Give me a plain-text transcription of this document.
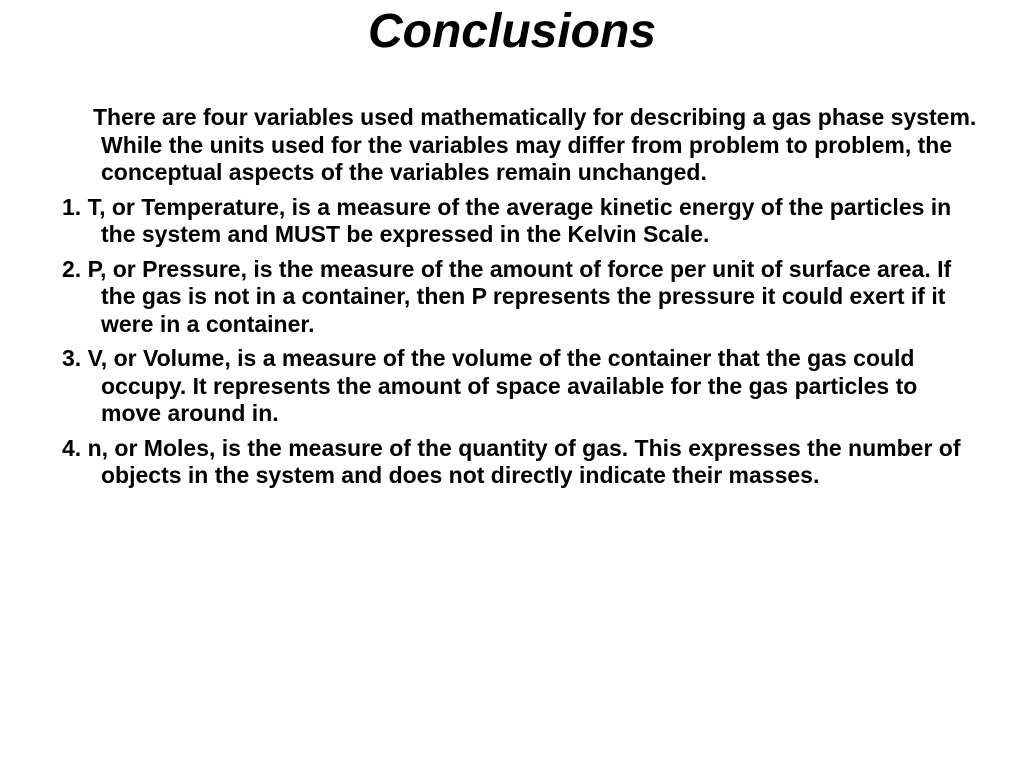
Conclusions

There are four variables used mathematically for describing a gas phase system. While the units used for the variables may differ from problem to problem, the conceptual aspects of the variables remain unchanged.

1. T, or Temperature, is a measure of the average kinetic energy of the particles in the system and MUST be expressed in the Kelvin Scale.

2. P, or Pressure, is the measure of the amount of force per unit of surface area. If the gas is not in a container, then P represents the pressure it could exert if it were in a container.

3. V, or Volume, is a measure of the volume of the container that the gas could occupy. It represents the amount of space available for the gas particles to move around in.

4. n, or Moles, is the measure of the quantity of gas. This expresses the number of objects in the system and does not directly indicate their masses.
